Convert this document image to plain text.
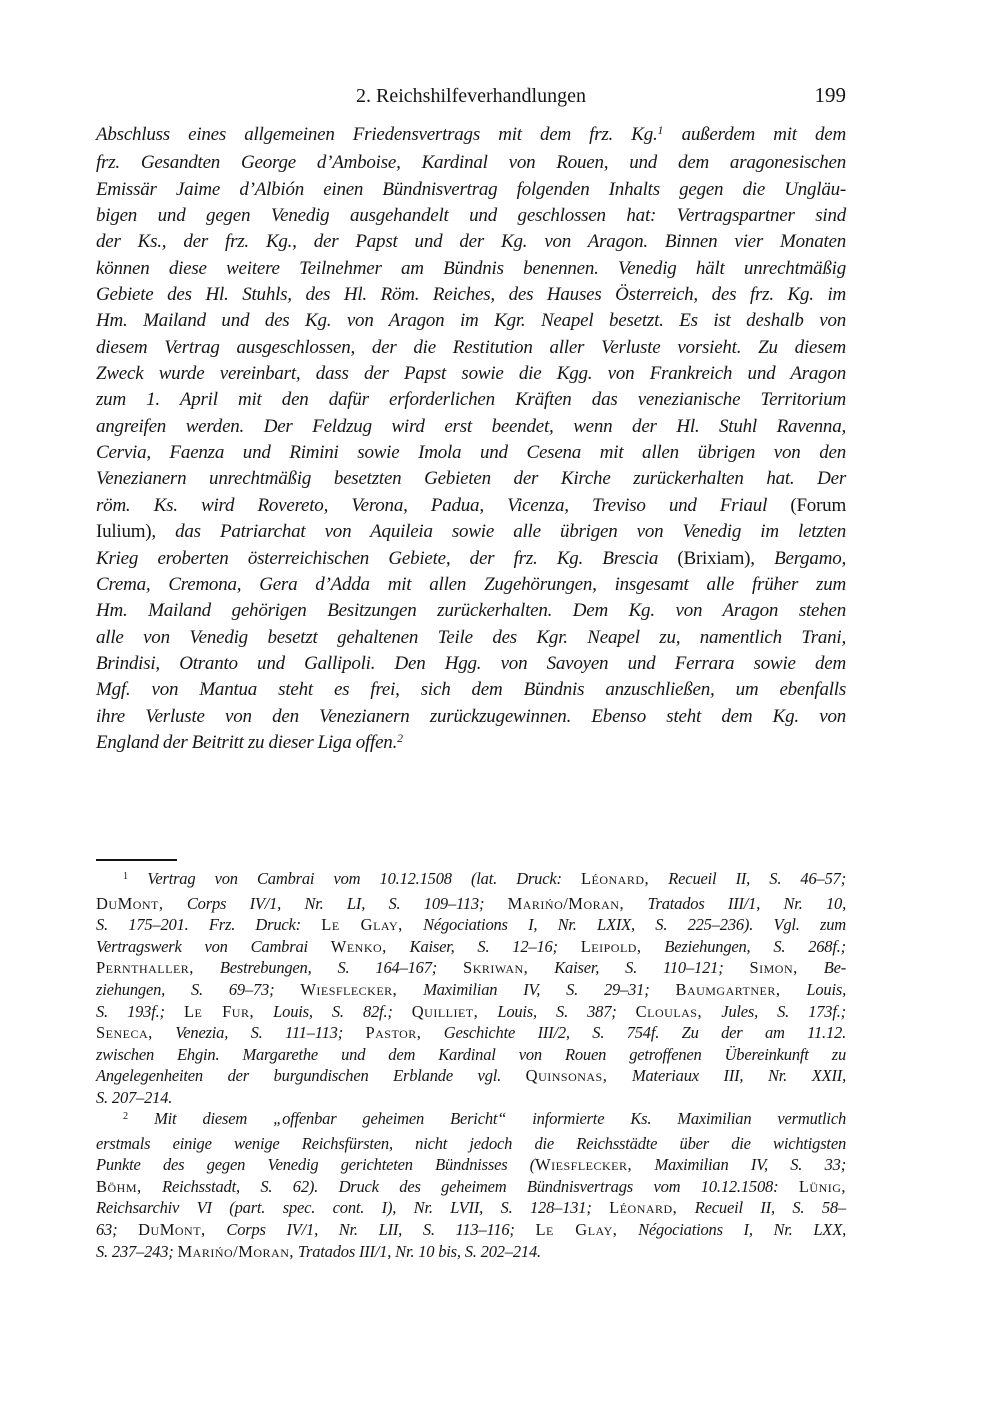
2. Reichshilfeverhandlungen	199
Abschluss eines allgemeinen Friedensvertrags mit dem frz. Kg.$^1$ außerdem mit dem
frz. Gesandten George d’Amboise, Kardinal von Rouen, und dem aragonesischen
Emissär Jaime d’Albión einen Bündnisvertrag folgenden Inhalts gegen die Ungläu-
bigen und gegen Venedig ausgehandelt und geschlossen hat: Vertragspartner sind
der Ks., der frz. Kg., der Papst und der Kg. von Aragon. Binnen vier Monaten
können diese weitere Teilnehmer am Bündnis benennen. Venedig hält unrechtmäßig
Gebiete des Hl. Stuhls, des Hl. Röm. Reiches, des Hauses Österreich, des frz. Kg. im
Hm. Mailand und des Kg. von Aragon im Kgr. Neapel besetzt. Es ist deshalb von
diesem Vertrag ausgeschlossen, der die Restitution aller Verluste vorsieht. Zu diesem
Zweck wurde vereinbart, dass der Papst sowie die Kgg. von Frankreich und Aragon
zum 1. April mit den dafür erforderlichen Kräften das venezianische Territorium
angreifen werden. Der Feldzug wird erst beendet, wenn der Hl. Stuhl Ravenna,
Cervia, Faenza und Rimini sowie Imola und Cesena mit allen übrigen von den
Venezianern unrechtmäßig besetzten Gebieten der Kirche zurückerhalten hat. Der
röm. Ks. wird Rovereto, Verona, Padua, Vicenza, Treviso und Friaul (Forum
Iulium), das Patriarchat von Aquileia sowie alle übrigen von Venedig im letzten
Krieg eroberten österreichischen Gebiete, der frz. Kg. Brescia (Brixiam), Bergamo,
Crema, Cremona, Gera d’Adda mit allen Zugehörungen, insgesamt alle früher zum
Hm. Mailand gehörigen Besitzungen zurückerhalten. Dem Kg. von Aragon stehen
alle von Venedig besetzt gehaltenen Teile des Kgr. Neapel zu, namentlich Trani,
Brindisi, Otranto und Gallipoli. Den Hgg. von Savoyen und Ferrara sowie dem
Mgf. von Mantua steht es frei, sich dem Bündnis anzuschließen, um ebenfalls
ihre Verluste von den Venezianern zurückzugewinnen. Ebenso steht dem Kg. von
England der Beitritt zu dieser Liga offen.$^2$
$^1$ Vertrag von Cambrai vom 10.12.1508 (lat. Druck: Léonard, Recueil II, S. 46–57;
DuMont, Corps IV/1, Nr. LI, S. 109–113; Marińo/Moran, Tratados III/1, Nr. 10,
S. 175–201. Frz. Druck: Le Glay, Négociations I, Nr. LXIX, S. 225–236). Vgl. zum
Vertragswerk von Cambrai Wenko, Kaiser, S. 12–16; Leipold, Beziehungen, S. 268f.;
Pernthaller, Bestrebungen, S. 164–167; Skriwan, Kaiser, S. 110–121; Simon, Be-
ziehungen, S. 69–73; Wiesflecker, Maximilian IV, S. 29–31; Baumgartner, Louis,
S. 193f.; Le Fur, Louis, S. 82f.; Quilliet, Louis, S. 387; Cloulas, Jules, S. 173f.;
Seneca, Venezia, S. 111–113; Pastor, Geschichte III/2, S. 754f. Zu der am 11.12.
zwischen Ehgin. Margarethe und dem Kardinal von Rouen getroffenen Übereinkunft zu
Angelegenheiten der burgundischen Erblande vgl. Quinsonas, Materiaux III, Nr. XXII,
S. 207–214.
$^2$ Mit diesem „offenbar geheimen Bericht“ informierte Ks. Maximilian vermutlich
erstmals einige wenige Reichsfürsten, nicht jedoch die Reichsstädte über die wichtigsten
Punkte des gegen Venedig gerichteten Bündnisses (Wiesflecker, Maximilian IV, S. 33;
Böhm, Reichsstadt, S. 62). Druck des geheimem Bündnisvertrags vom 10.12.1508: Lünig,
Reichsarchiv VI (part. spec. cont. I), Nr. LVII, S. 128–131; Léonard, Recueil II, S. 58–
63; DuMont, Corps IV/1, Nr. LII, S. 113–116; Le Glay, Négociations I, Nr. LXX,
S. 237–243; Marińo/Moran, Tratados III/1, Nr. 10 bis, S. 202–214.
